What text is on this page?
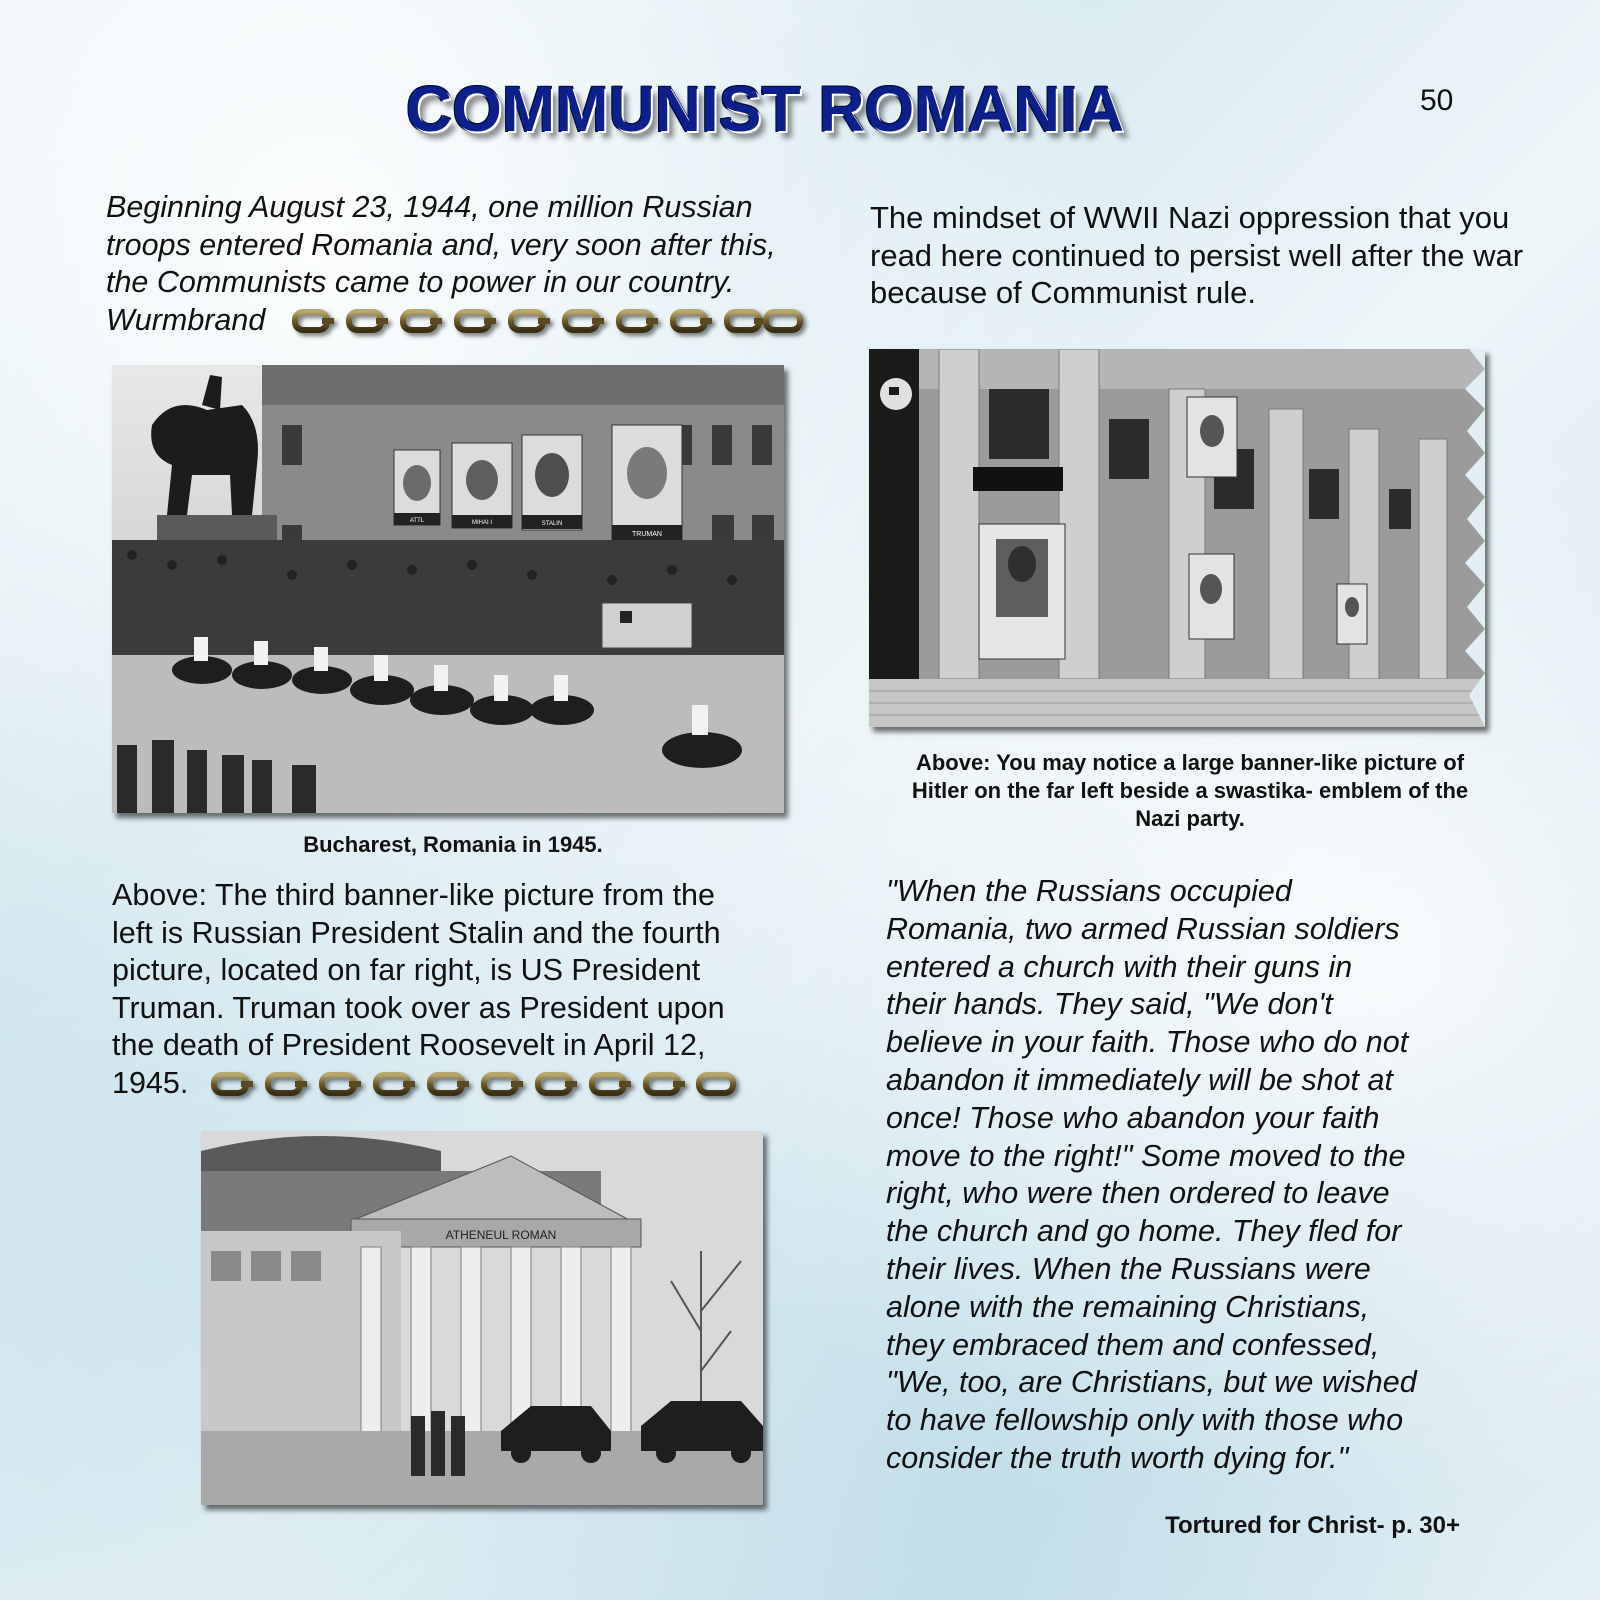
COMMUNIST ROMANIA	50
Beginning August 23, 1944, one million Russian
troops entered Romania and, very soon after this,
the Communists came to power in our country.
Wurmbrand
The mindset of WWII Nazi oppression that you read here continued to persist well after the war because of Communist rule.
ATTL	MIHAI I	STALIN
TRUMAN
Bucharest, Romania in 1945.
Above: You may notice a large banner-like picture of Hitler on the far left beside a swastika- emblem of the Nazi party.
Above: The third banner-like picture from the
left is Russian President Stalin and the fourth
picture, located on far right, is US President
Truman. Truman took over as President upon
the death of President Roosevelt in April 12,
1945.
ATHENEUL ROMAN
"When the Russians occupied
Romania, two armed Russian soldiers
entered a church with their guns in
their hands. They said, "We don't
believe in your faith. Those who do not
abandon it immediately will be shot at
once! Those who abandon your faith
move to the right!" Some moved to the
right, who were then ordered to leave
the church and go home. They fled for
their lives. When the Russians were
alone with the remaining Christians,
they embraced them and confessed,
"We, too, are Christians, but we wished
to have fellowship only with those who
consider the truth worth dying for."
Tortured for Christ- p. 30+
